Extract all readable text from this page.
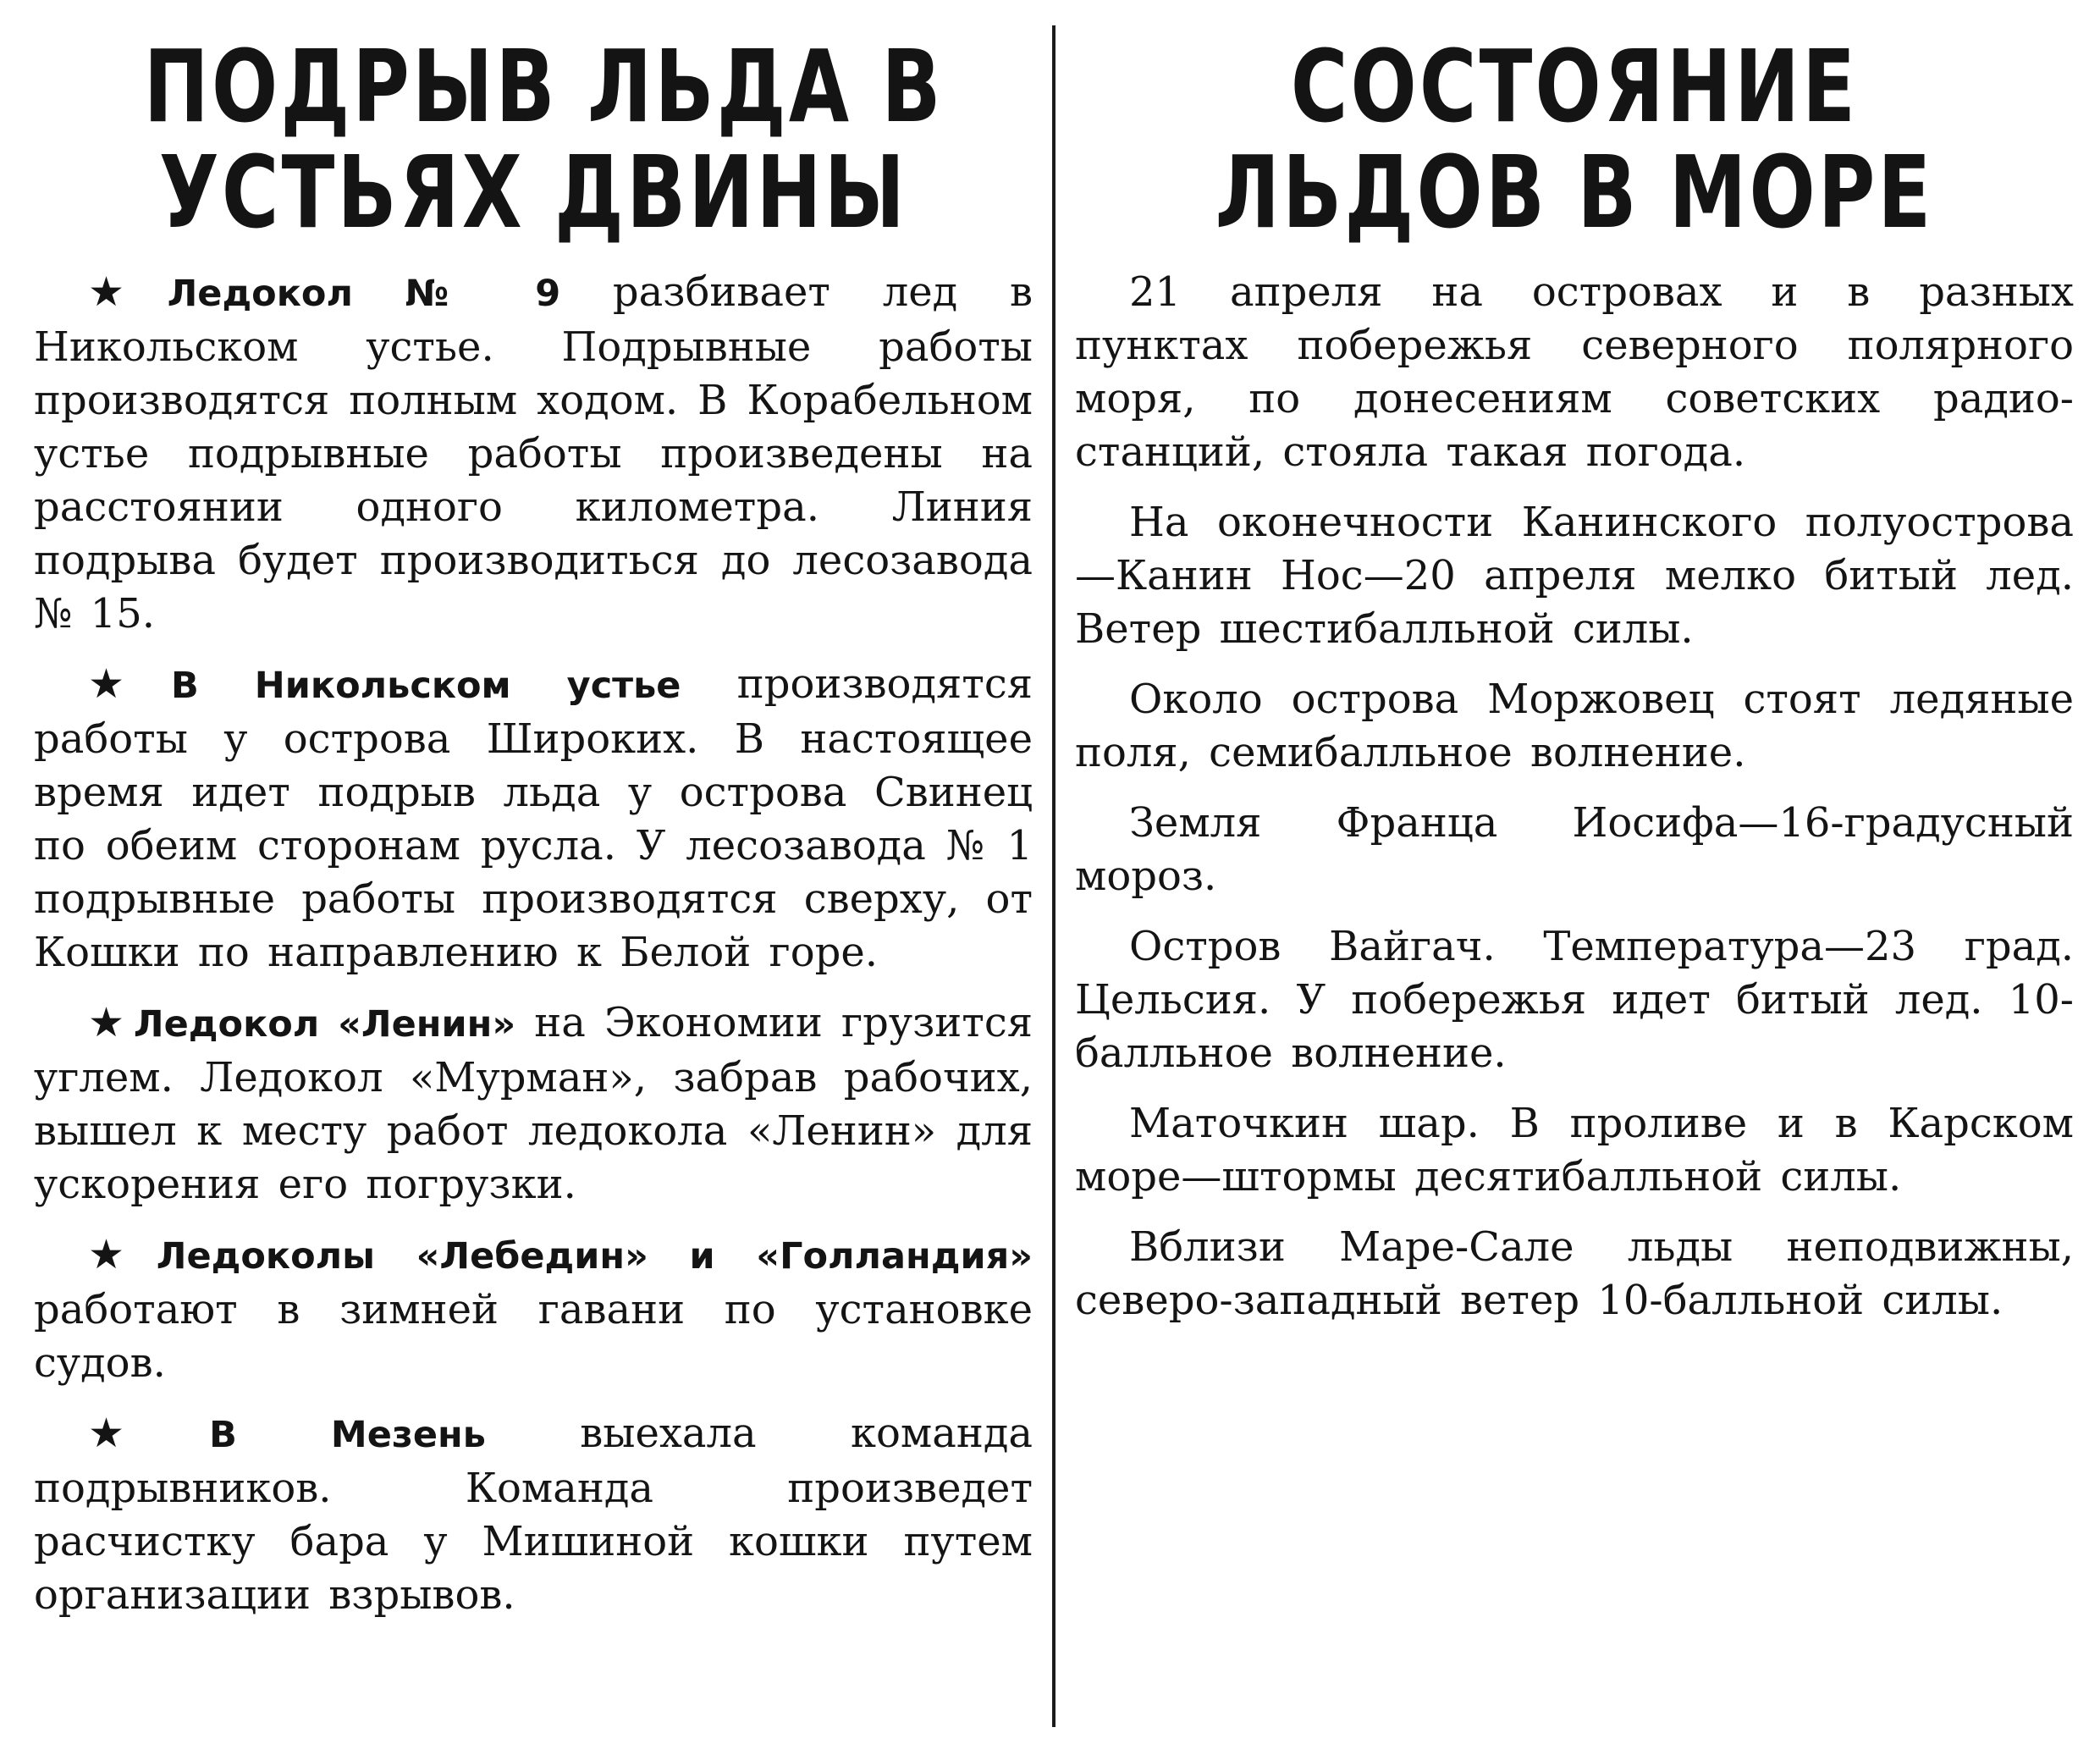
ПОДРЫВ ЛЬДА В
УСТЬЯХ ДВИНЫ

★ Ледокол № 9 разбивает лед в Никольском устье. Подрывные работы производятся полным ходом. В Корабельном устье подрывные работы произведены на расстоянии одного километра. Линия подрыва будет производиться до лесозавода № 15.

★ В Никольском устье производятся работы у острова Широких. В настоящее время идет подрыв льда у острова Свинец по обеим сторонам русла. У лесозавода № 1 подрывные работы производятся сверху, от Кошки по направлению к Белой горе.

★ Ледокол «Ленин» на Экономии грузится углем. Ледокол «Мурман», забрав рабочих, вышел к месту работ ледокола «Ленин» для ускорения его погрузки.

★ Ледоколы «Лебедин» и «Голландия» работают в зимней гавани по установке судов.

★ В Мезень выехала команда подрывников. Команда произведет расчистку бара у Мишиной кошки путем организации взрывов.

СОСТОЯНИЕ
ЛЬДОВ В МОРЕ

21 апреля на островах и в разных пунктах побережья северного полярного моря, по донесениям советских радио-станций, стояла такая погода.

На оконечности Канинского полуострова—Канин Нос—20 апреля мелко битый лед. Ветер шестибалльной силы.

Около острова Моржовец стоят ледяные поля, семибалльное волнение.

Земля Франца Иосифа—16-градусный мороз.

Остров Вайгач. Температура—23 град. Цельсия. У побережья идет битый лед. 10-балльное волнение.

Маточкин шар. В проливе и в Карском море—штормы десятибалльной силы.

Вблизи Маре-Сале льды неподвижны, северо-западный ветер 10-балльной силы.
